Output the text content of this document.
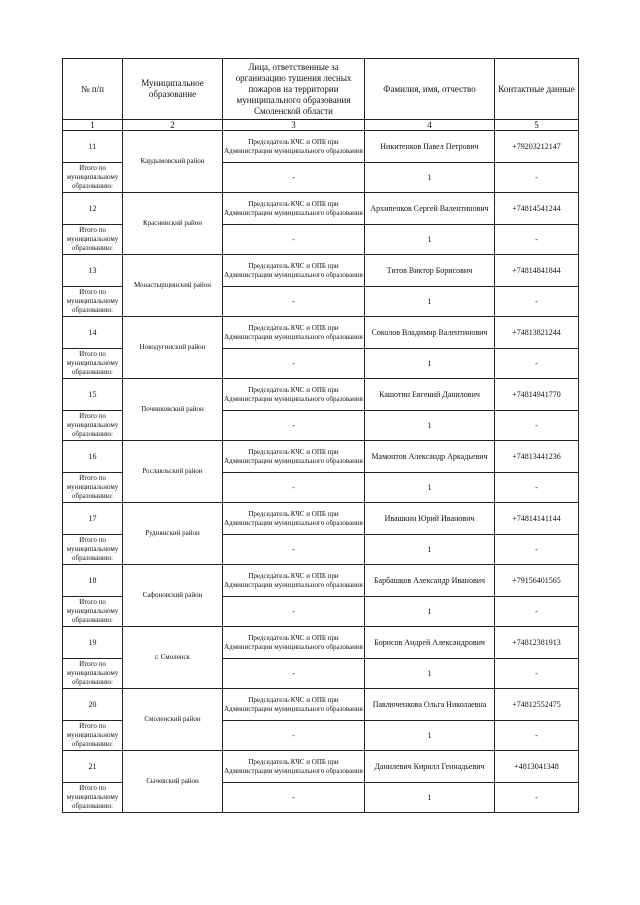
№ п/п	Муниципальное образование	Лица, ответственные за организацию тушения лесных пожаров на территории муниципального образования Смоленской области	Фамилия, имя, отчество	Контактные данные
1	2	3	4	5
11	Кардымовский район	Председатель КЧС и ОПБ при Администрации муниципального образования	Никитенков Павел Петрович	+79203212147
Итого по муниципальному образованию:		-	1	-
12	Краснинский район	Председатель КЧС и ОПБ при Администрации муниципального образования	Архипенков Сергей Валентинович	+74814541244
Итого по муниципальному образованию:		-	1	-
13	Монастырщинский район	Председатель КЧС и ОПБ при Администрации муниципального образования	Титов Виктор Борисович	+74814841844
Итого по муниципальному образованию:		-	1	-
14	Новодугинский район	Председатель КЧС и ОПБ при Администрации муниципального образования	Соколов Владимир Валентинович	+74813821244
Итого по муниципальному образованию:		-	1	-
15	Починковский район	Председатель КЧС и ОПБ при Администрации муниципального образования	Кашотин Евгений Данилович	+74814941770
Итого по муниципальному образованию:		-	1	-
16	Рославльский район	Председатель КЧС и ОПБ при Администрации муниципального образования	Мамонтов Александр Аркадьевич	+74813441236
Итого по муниципальному образованию:		-	1	-
17	Руднянский район	Председатель КЧС и ОПБ при Администрации муниципального образования	Ивашкин Юрий Иванович	+74814141144
Итого по муниципальному образованию:		-	1	-
18	Сафоновский район	Председатель КЧС и ОПБ при Администрации муниципального образования	Барбашков Александр Иванович	+79156401565
Итого по муниципальному образованию:		-	1	-
19	г. Смоленск	Председатель КЧС и ОПБ при Администрации муниципального образования	Борисов Андрей Александрович	+74812381913
Итого по муниципальному образованию:		-	1	-
20	Смоленский район	Председатель КЧС и ОПБ при Администрации муниципального образования	Павлюченкова Ольга Николаевна	+74812552475
Итого по муниципальному образованию:		-	1	-
21	Сычевский район	Председатель КЧС и ОПБ при Администрации муниципального образования	Данилевич Кирилл Геннадьевич	+4813041348
Итого по муниципальному образованию:		-	1	-
